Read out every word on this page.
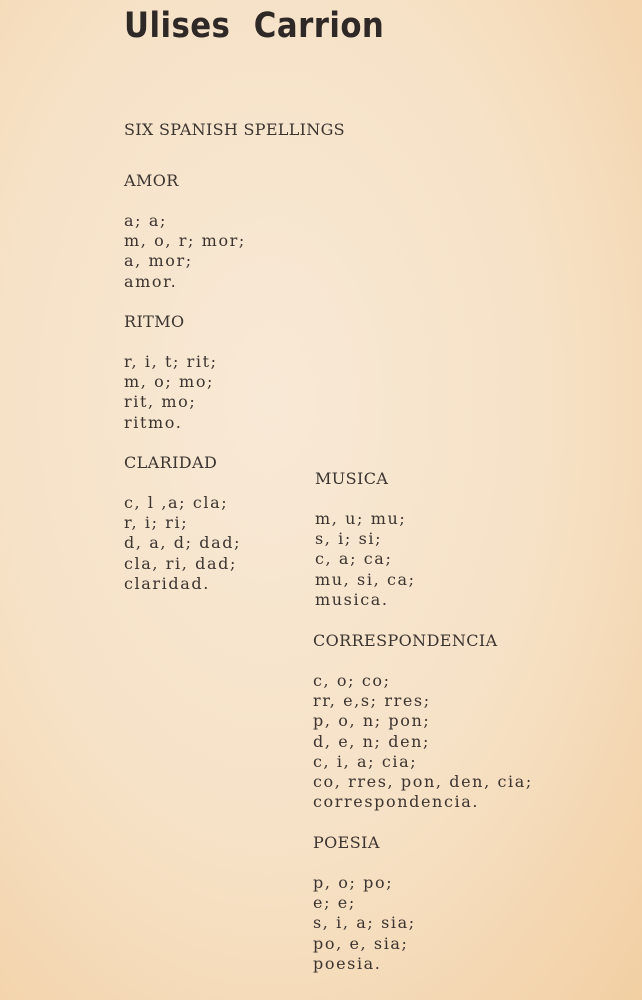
Ulises Carrion
SIX SPANISH SPELLINGS
AMOR
a; a;
m, o, r; mor;
a, mor;
amor.
RITMO
r, i, t; rit;
m, o; mo;
rit, mo;
ritmo.
CLARIDAD
c, l ,a; cla;
r, i; ri;
d, a, d; dad;
cla, ri, dad;
claridad.
MUSICA
m, u; mu;
s, i; si;
c, a; ca;
mu, si, ca;
musica.
CORRESPONDENCIA
c, o; co;
rr, e,s; rres;
p, o, n; pon;
d, e, n; den;
c, i, a; cia;
co, rres, pon, den, cia;
correspondencia.
POESIA
p, o; po;
e; e;
s, i, a; sia;
po, e, sia;
poesia.
